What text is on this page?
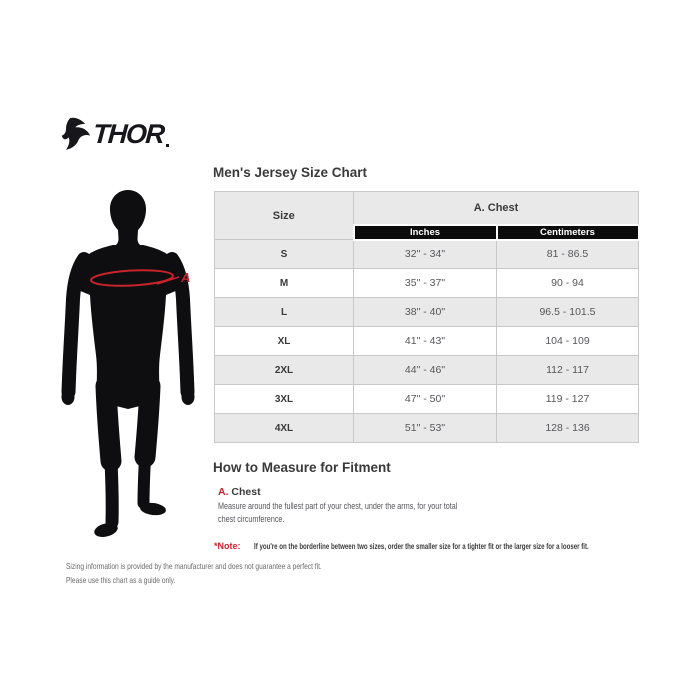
THOR
A
Men's Jersey Size Chart
Size	A. Chest	
	Inches	Centimeters
S	32" - 34"	81 - 86.5
M	35" - 37"	90 - 94
L	38" - 40"	96.5 - 101.5
XL	41" - 43"	104 - 109
2XL	44" - 46"	112 - 117
3XL	47" - 50"	119 - 127
4XL	51" - 53"	128 - 136
How to Measure for Fitment
A. Chest

Measure around the fullest part of your chest, under the arms, for your total chest circumference.

*Note: If you're on the borderline between two sizes, order the smaller size for a tighter fit or the larger size for a looser fit.
Sizing information is provided by the manufacturer and does not guarantee a perfect fit.
Please use this chart as a guide only.
